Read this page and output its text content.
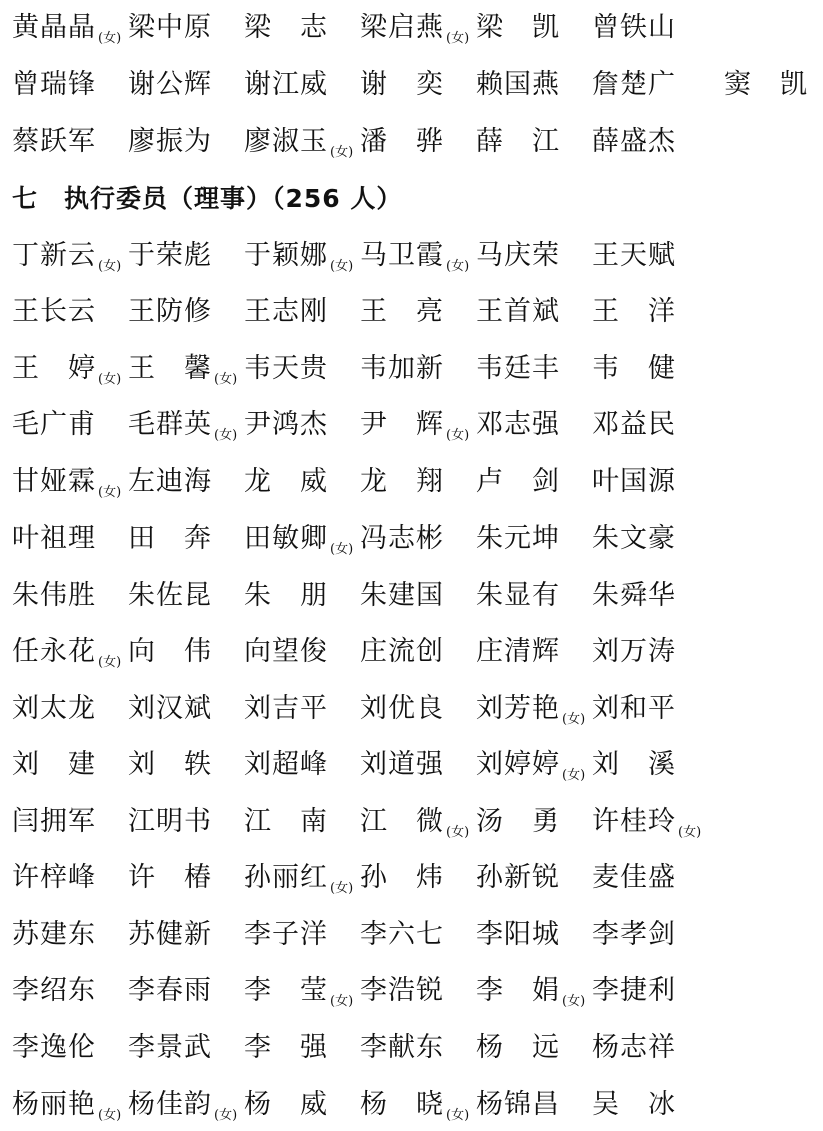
七　执行委员（理事）（256 人）
黄晶晶 $_{(女)}$ 梁中原 梁　志 梁启燕 $_{(女)}$ 梁　凯 曾铁山
曾瑞锋 谢公辉 谢江威 谢　奕 赖国燕 詹楚广 窦　凯
蔡跃军 廖振为 廖淑玉 $_{(女)}$ 潘　骅 薛　江 薛盛杰
丁新云 $_{(女)}$ 于荣彪 于颖娜 $_{(女)}$ 马卫霞 $_{(女)}$ 马庆荣 王天赋
王长云 王防修 王志刚 王　亮 王首斌 王　洋
王　婷 $_{(女)}$ 王　馨 $_{(女)}$ 韦天贵 韦加新 韦廷丰 韦　健
毛广甫 毛群英 $_{(女)}$ 尹鸿杰 尹　辉 $_{(女)}$ 邓志强 邓益民
甘娅霖 $_{(女)}$ 左迪海 龙　威 龙　翔 卢　剑 叶国源
叶祖理 田　奔 田敏卿 $_{(女)}$ 冯志彬 朱元坤 朱文豪
朱伟胜 朱佐昆 朱　朋 朱建国 朱显有 朱舜华
任永花 $_{(女)}$ 向　伟 向望俊 庄流创 庄清辉 刘万涛
刘太龙 刘汉斌 刘吉平 刘优良 刘芳艳 $_{(女)}$ 刘和平
刘　建 刘　轶 刘超峰 刘道强 刘婷婷 $_{(女)}$ 刘　溪
闫拥军 江明书 江　南 江　微 $_{(女)}$ 汤　勇 许桂玲 $_{(女)}$
许梓峰 许　椿 孙丽红 $_{(女)}$ 孙　炜 孙新锐 麦佳盛
苏建东 苏健新 李子洋 李六七 李阳城 李孝剑
李绍东 李春雨 李　莹 $_{(女)}$ 李浩锐 李　娟 $_{(女)}$ 李捷利
李逸伦 李景武 李　强 李献东 杨　远 杨志祥
杨丽艳 $_{(女)}$ 杨佳韵 $_{(女)}$ 杨　威 杨　晓 $_{(女)}$ 杨锦昌 吴　冰
